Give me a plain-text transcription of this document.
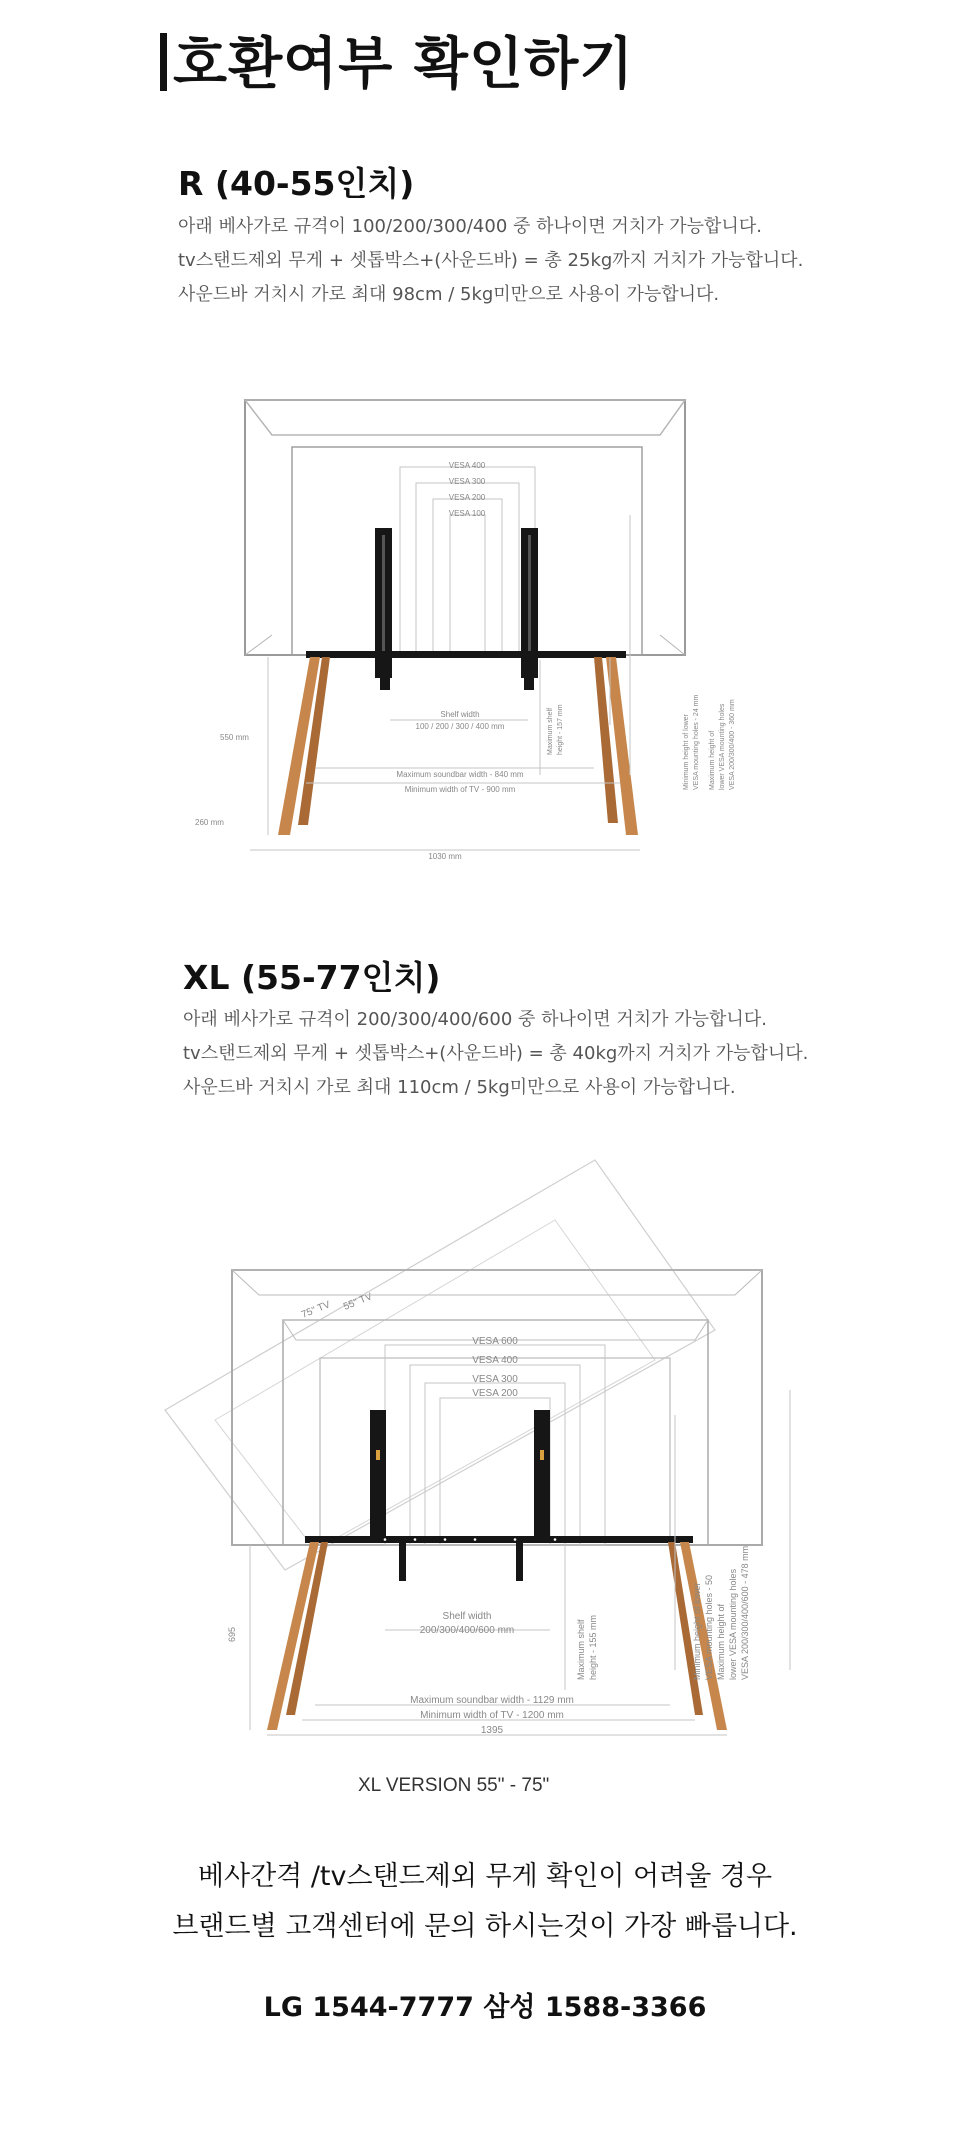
호환여부 확인하기
R (40-55인치)
아래 베사가로 규격이 100/200/300/400 중 하나이면 거치가 가능합니다.
tv스탠드제외 무게 + 셋톱박스+(사운드바) = 총 25kg까지 거치가 가능합니다.
사운드바 거치시 가로 최대 98cm / 5kg미만으로 사용이 가능합니다.
VESA 400
VESA 300
VESA 200
VESA 100
Shelf width
100 / 200 / 300 / 400 mm
Maximum soundbar width - 840 mm
Minimum width of TV - 900 mm
1030 mm
550 mm
260 mm
Maximum shelf height - 157 mm	Minimum height of lower VESA mounting holes - 24 mm Maximum height of lower VESA mounting holes VESA 200/300/400 - 360 mm
XL (55-77인치)
아래 베사가로 규격이 200/300/400/600 중 하나이면 거치가 가능합니다.
tv스탠드제외 무게 + 셋톱박스+(사운드바) = 총 40kg까지 거치가 가능합니다.
사운드바 거치시 가로 최대 110cm / 5kg미만으로 사용이 가능합니다.
75" TV 55" TV
VESA 600
VESA 400
VESA 300
VESA 200
Shelf width
200/300/400/600 mm
Maximum soundbar width - 1129 mm
Minimum width of TV - 1200 mm
1395
695	Maximum shelf height - 155 mm	Minimum height of lower VESA mounting holes - 50 Maximum height of lower VESA mounting holes VESA 200/300/400/600 - 478 mm
XL VERSION 55" - 75"
베사간격 /tv스탠드제외 무게 확인이 어려울 경우
브랜드별 고객센터에 문의 하시는것이 가장 빠릅니다.
LG 1544-7777 삼성 1588-3366
